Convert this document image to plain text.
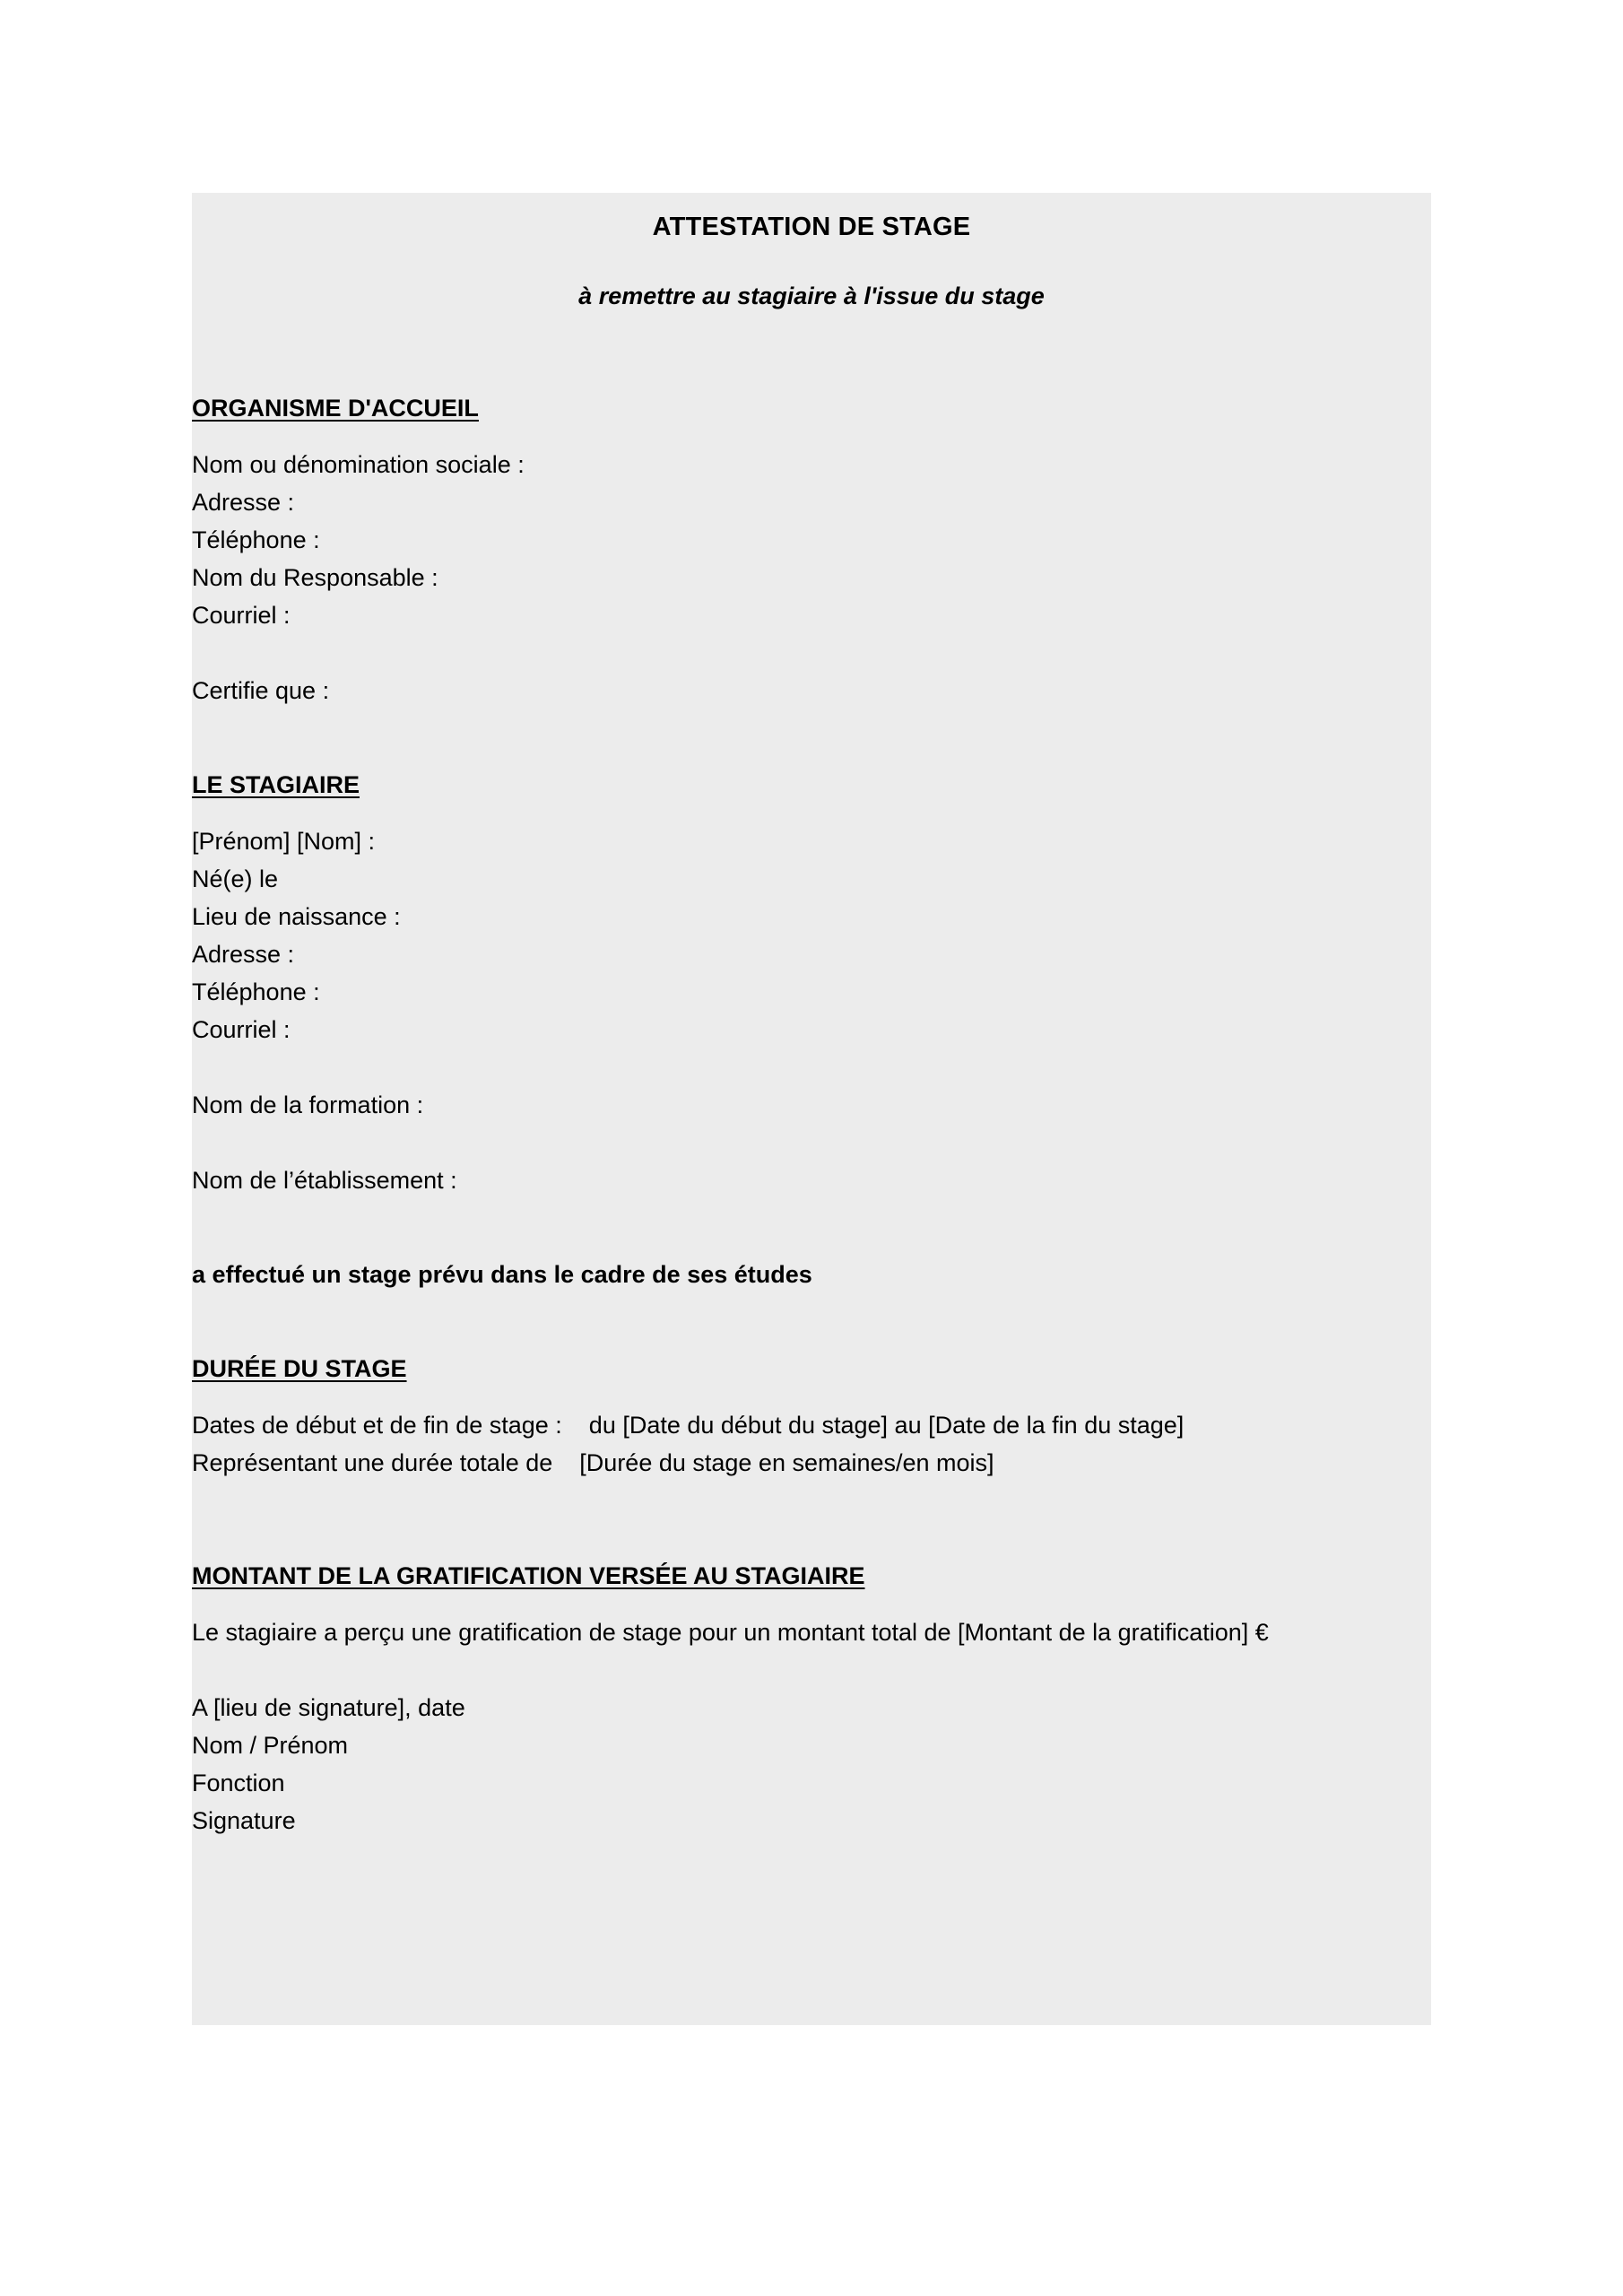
ATTESTATION DE STAGE
à remettre au stagiaire à l'issue du stage
ORGANISME D'ACCUEIL
Nom ou dénomination sociale :
Adresse :
Téléphone :
Nom du Responsable :
Courriel :
Certifie que :
LE STAGIAIRE
[Prénom] [Nom] :
Né(e) le
Lieu de naissance :
Adresse :
Téléphone :
Courriel :
Nom de la formation :
Nom de l’établissement :
a effectué un stage prévu dans le cadre de ses études
DURÉE DU STAGE
Dates de début et de fin de stage :    du [Date du début du stage] au [Date de la fin du stage]
Représentant une durée totale de    [Durée du stage en semaines/en mois]
MONTANT DE LA GRATIFICATION VERSÉE AU STAGIAIRE
Le stagiaire a perçu une gratification de stage pour un montant total de [Montant de la gratification] €
A [lieu de signature], date
Nom / Prénom
Fonction
Signature
